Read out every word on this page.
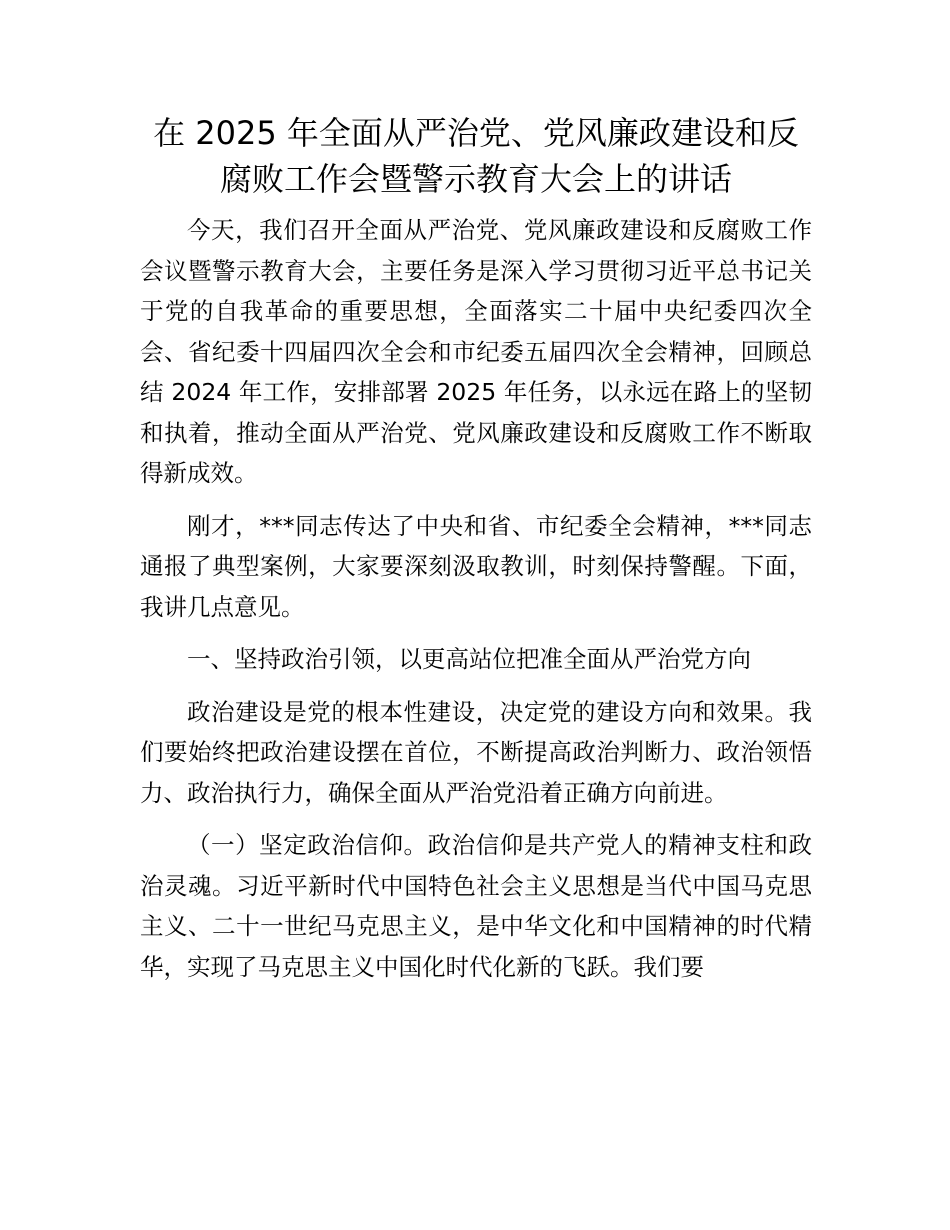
在 2025 年全面从严治党、党风廉政建设和反
腐败工作会暨警示教育大会上的讲话

今天，我们召开全面从严治党、党风廉政建设和反腐败工作会议暨警示教育大会，主要任务是深入学习贯彻习近平总书记关于党的自我革命的重要思想，全面落实二十届中央纪委四次全会、省纪委十四届四次全会和市纪委五届四次全会精神，回顾总结 2024 年工作，安排部署 2025 年任务，以永远在路上的坚韧和执着，推动全面从严治党、党风廉政建设和反腐败工作不断取得新成效。

刚才，***同志传达了中央和省、市纪委全会精神，***同志通报了典型案例，大家要深刻汲取教训，时刻保持警醒。下面，我讲几点意见。

一、坚持政治引领，以更高站位把准全面从严治党方向

政治建设是党的根本性建设，决定党的建设方向和效果。我们要始终把政治建设摆在首位，不断提高政治判断力、政治领悟力、政治执行力，确保全面从严治党沿着正确方向前进。

（一）坚定政治信仰。政治信仰是共产党人的精神支柱和政治灵魂。习近平新时代中国特色社会主义思想是当代中国马克思主义、二十一世纪马克思主义，是中华文化和中国精神的时代精华，实现了马克思主义中国化时代化新的飞跃。我们要
